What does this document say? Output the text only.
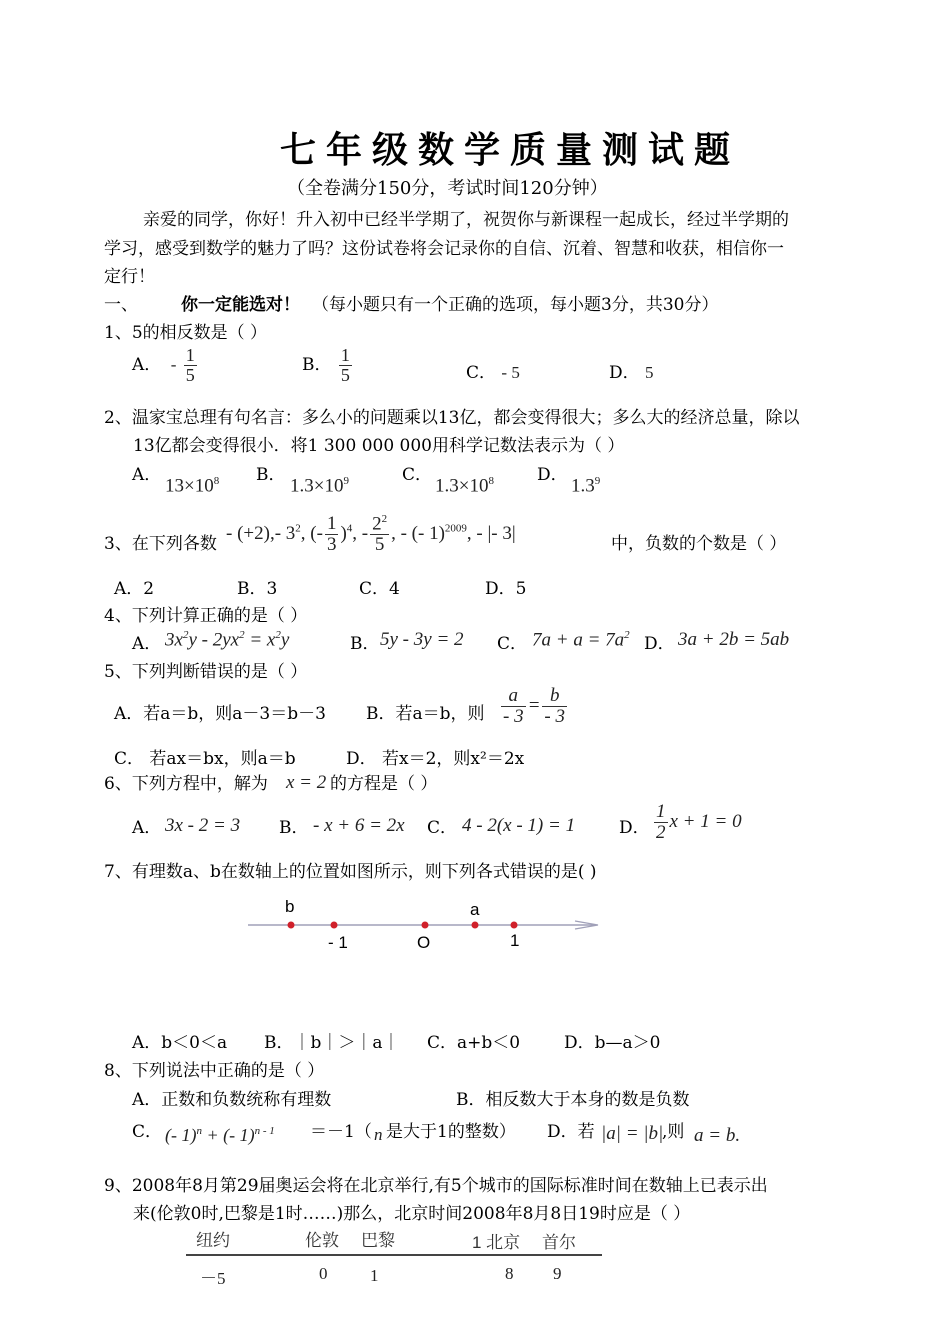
七年级数学质量测试题
（全卷满分150分，考试时间120分钟）
亲爱的同学，你好！升入初中已经半学期了，祝贺你与新课程一起成长，经过半学期的
学习，感受到数学的魅力了吗？这份试卷将会记录你的自信、沉着、智慧和收获，相信你一
定行！
一、	你一定能选对！ （每小题只有一个正确的选项，每小题3分，共30分）
1、5的相反数是（ ）
A． - $\frac{1}{5}$	B． $\frac{1}{5}$	C． - 5	D． 5
2、温家宝总理有句名言：多么小的问题乘以13亿，都会变得很大；多么大的经济总量，除以
13亿都会变得很小．将1 300 000 000用科学记数法表示为（ ）
A．
$13\times 10^8$ B．
$1.3\times 10^9$	C．
$1.3\times 10^8$	D．
$1.3^9$
3、在下列各数
- (+2),- $3^2$, (- $\frac{1}{3} )^4$, - $\frac{2^2}{5}$ , - (- 1)$^{2009}$, - |- 3|
中，负数的个数是（ ）
A．2	B．3	C．4	D．5
4、下列计算正确的是（ ）
A． $3x^2y - 2yx^2 = x^2y$	B． 5y - 3y = 2 C． $7a + a = 7a^2$ D． 3a + 2b = 5ab
5、下列判断错误的是（ ）
A．若a＝b，则a－3＝b－3 B．若a＝b，则 $\frac{a}{- 3} = \frac{b}{- 3}$
C． 若ax＝bx，则a＝b	D． 若x＝2，则x²＝2x
6、下列方程中，解为 x = 2 的方程是（ ）
A． 3x - 2 = 3 B． - x + 6 = 2x C． 4 - 2(x - 1) = 1	D． $\frac{1}{2}$ x + 1 = 0
7、有理数a、b在数轴上的位置如图所示，则下列各式错误的是( )
b	a
- 1	O	1
A．b＜0＜a B．｜b｜＞｜a｜ C．a+b＜0	D．b—a＞0
8、下列说法中正确的是（ ）
A．正数和负数统称有理数	B．相反数大于本身的数是负数
C． (- 1)$^n$ + (- 1)$^{n - 1}$ ＝－1（ n 是大于1的整数） D．若 |a| = |b|
,则 a = b.
9、2008年8月第29届奥运会将在北京举行,有5个城市的国际标准时间在数轴上已表示出
来(伦敦0时,巴黎是1时……)那么，北京时间2008年8月8日19时应是（ ）
纽约	伦敦 巴黎	1 北京 首尔
－5	0	1	8 9
